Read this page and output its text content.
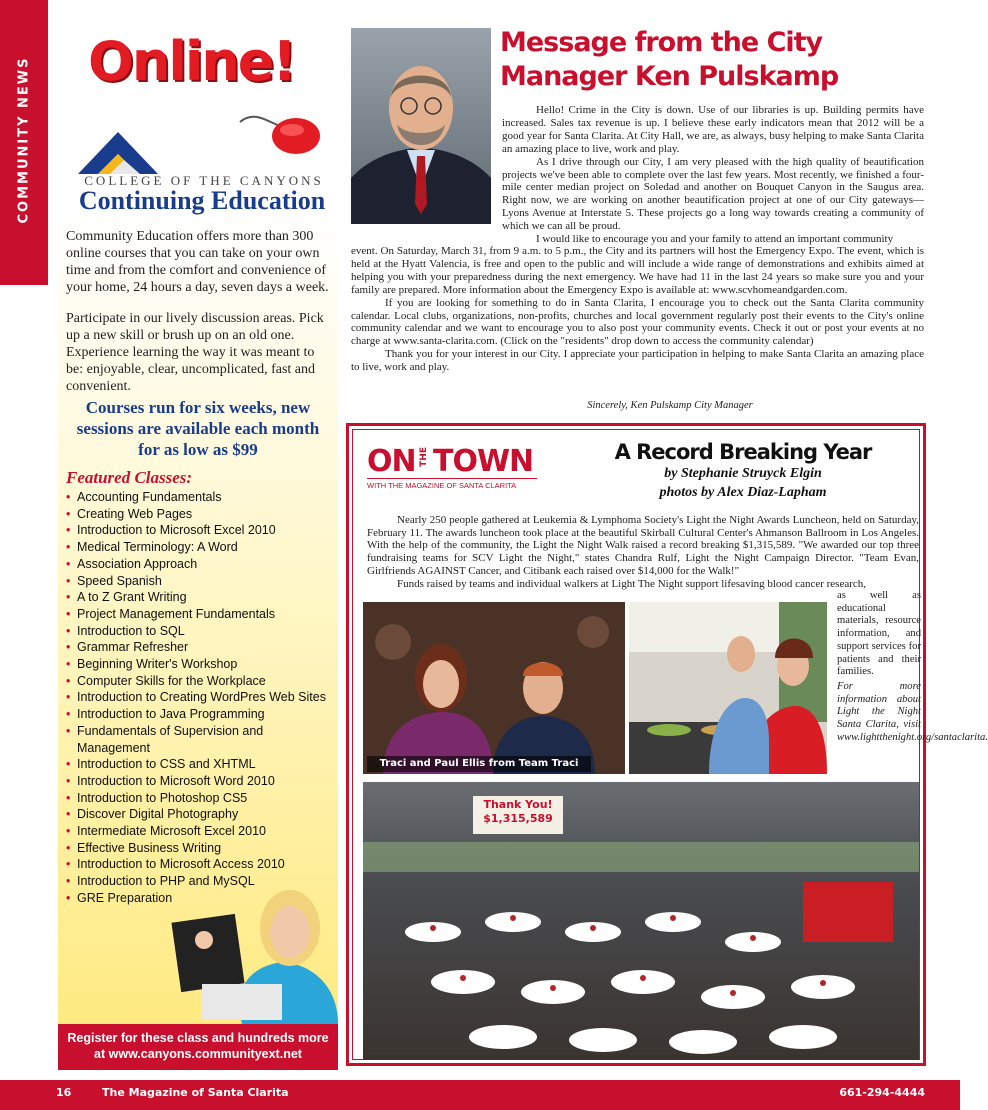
COMMUNITY NEWS Online!
COLLEGE OF THE CANYONS
Continuing Education
Community Education offers more than 300 online courses that you can take on your own time and from the comfort and convenience of your home, 24 hours a day, seven days a week.
Participate in our lively discussion areas. Pick up a new skill or brush up on an old one. Experience learning the way it was meant to be: enjoyable, clear, uncomplicated, fast and convenient.
Courses run for six weeks, new sessions are available each month for as low as $99
Featured Classes:
• Accounting Fundamentals
• Creating Web Pages
• Introduction to Microsoft Excel 2010
• Medical Terminology: A Word
• Association Approach
• Speed Spanish
• A to Z Grant Writing
• Project Management Fundamentals
• Introduction to SQL
• Grammar Refresher
• Beginning Writer's Workshop
• Computer Skills for the Workplace
• Introduction to Creating WordPres Web Sites
• Introduction to Java Programming
• Fundamentals of Supervision and Management
• Introduction to CSS and XHTML
• Introduction to Microsoft Word 2010
• Introduction to Photoshop CS5
• Discover Digital Photography
• Intermediate Microsoft Excel 2010
• Effective Business Writing
• Introduction to Microsoft Access 2010
• Introduction to PHP and MySQL
• GRE Preparation
Register for these class and hundreds more
at www.canyons.communityext.net
Message from the City
Manager Ken Pulskamp

Hello! Crime in the City is down. Use of our libraries is up. Building permits have increased. Sales tax revenue is up. I believe these early indicators mean that 2012 will be a good year for Santa Clarita. At City Hall, we are, as always, busy helping to make Santa Clarita an amazing place to live, work and play.

As I drive through our City, I am very pleased with the high quality of beautification projects we've been able to complete over the last few years. Most recently, we finished a four-mile center median project on Soledad and another on Bouquet Canyon in the Saugus area. Right now, we are working on another beautification project at one of our City gateways—Lyons Avenue at Interstate 5. These projects go a long way towards creating a community of which we can all be proud.

I would like to encourage you and your family to attend an important community

event. On Saturday, March 31, from 9 a.m. to 5 p.m., the City and its partners will host the Emergency Expo. The event, which is held at the Hyatt Valencia, is free and open to the public and will include a wide range of demonstrations and exhibits aimed at helping you with your preparedness during the next emergency. We have had 11 in the last 24 years so make sure you and your family are prepared. More information about the Emergency Expo is available at: www.scvhomeandgarden.com.

If you are looking for something to do in Santa Clarita, I encourage you to check out the Santa Clarita community calendar. Local clubs, organizations, non-profits, churches and local government regularly post their events to the City's online community calendar and we want to encourage you to also post your community events. Check it out or post your events at no charge at www.santa-clarita.com. (Click on the "residents" drop down to access the community calendar)

Thank you for your interest in our City. I appreciate your participation in helping to make Santa Clarita an amazing place to live, work and play.

Sincerely, Ken Pulskamp City Manager
ON THE TOWN
WITH THE MAGAZINE OF SANTA CLARITA
A Record Breaking Year
by Stephanie Struyck Elgin
photos by Alex Diaz-Lapham

Nearly 250 people gathered at Leukemia & Lymphoma Society's Light the Night Awards Luncheon, held on Saturday, February 11. The awards luncheon took place at the beautiful Skirball Cultural Center's Ahmanson Ballroom in Los Angeles. With the help of the community, the Light the Night Walk raised a record breaking $1,315,589. "We awarded our top three fundraising teams for SCV Light the Night," states Chandra Rulf, Light the Night Campaign Director. "Team Evan, Girlfriends AGAINST Cancer, and Citibank each raised over $14,000 for the Walk!"

Funds raised by teams and individual walkers at Light The Night support lifesaving blood cancer research,

Traci and Paul Ellis from Team Traci
as well as educational materials, resource information, and support services for patients and their families.
For more information about Light the Night Santa Clarita, visit www.lightthenight.org/santaclarita.
Thank You! $1,315,589
16	The Magazine of Santa Clarita	661-294-4444
